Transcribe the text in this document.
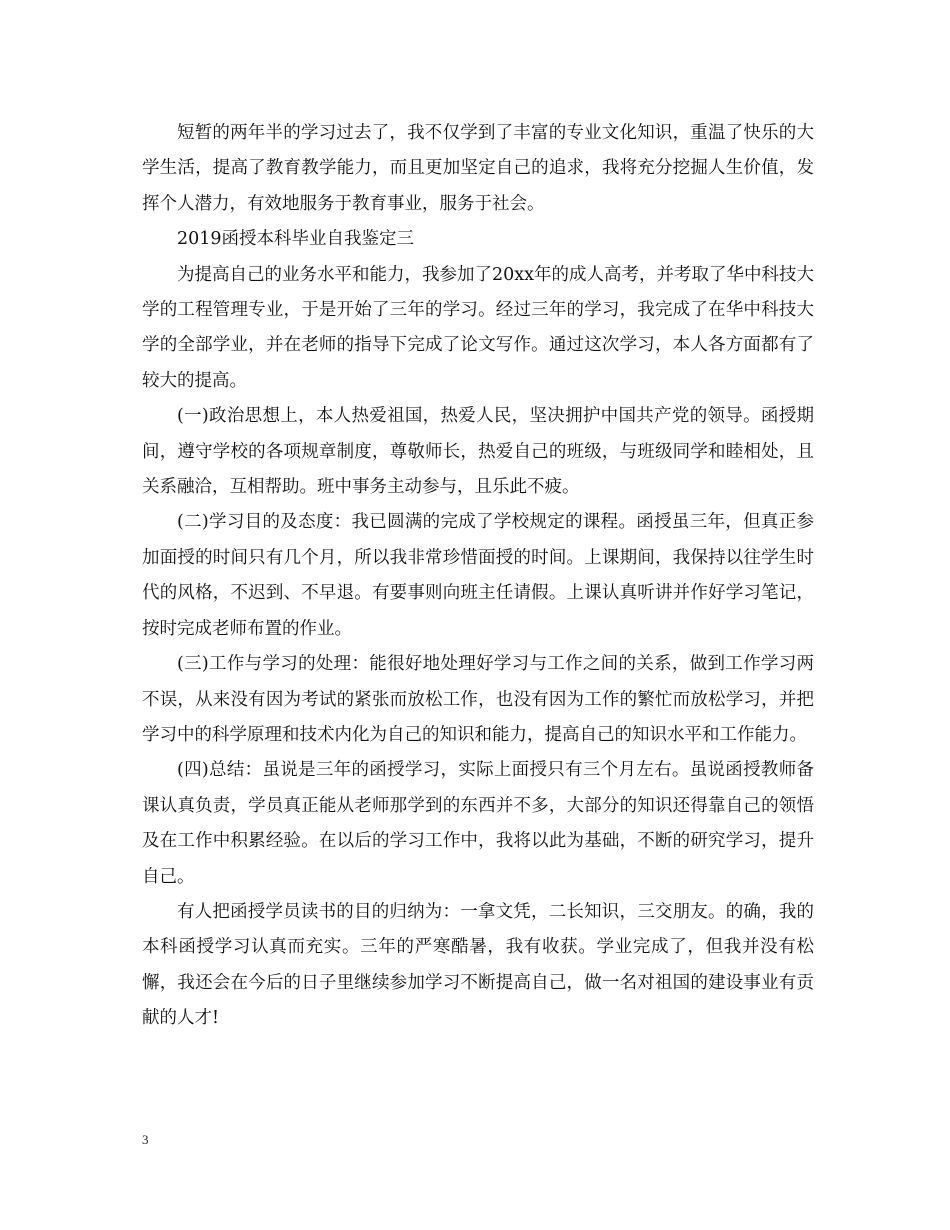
短暂的两年半的学习过去了，我不仅学到了丰富的专业文化知识，重温了快乐的大学生活，提高了教育教学能力，而且更加坚定自己的追求，我将充分挖掘人生价值，发挥个人潜力，有效地服务于教育事业，服务于社会。

2019函授本科毕业自我鉴定三

为提高自己的业务水平和能力，我参加了20xx年的成人高考，并考取了华中科技大学的工程管理专业，于是开始了三年的学习。经过三年的学习，我完成了在华中科技大学的全部学业，并在老师的指导下完成了论文写作。通过这次学习，本人各方面都有了较大的提高。

(一)政治思想上，本人热爱祖国，热爱人民，坚决拥护中国共产党的领导。函授期间，遵守学校的各项规章制度，尊敬师长，热爱自己的班级，与班级同学和睦相处，且关系融洽，互相帮助。班中事务主动参与，且乐此不疲。

(二)学习目的及态度：我已圆满的完成了学校规定的课程。函授虽三年，但真正参加面授的时间只有几个月，所以我非常珍惜面授的时间。上课期间，我保持以往学生时代的风格，不迟到、不早退。有要事则向班主任请假。上课认真听讲并作好学习笔记，按时完成老师布置的作业。

(三)工作与学习的处理：能很好地处理好学习与工作之间的关系，做到工作学习两不误，从来没有因为考试的紧张而放松工作，也没有因为工作的繁忙而放松学习，并把学习中的科学原理和技术内化为自己的知识和能力，提高自己的知识水平和工作能力。

(四)总结：虽说是三年的函授学习，实际上面授只有三个月左右。虽说函授教师备课认真负责，学员真正能从老师那学到的东西并不多，大部分的知识还得靠自己的领悟及在工作中积累经验。在以后的学习工作中，我将以此为基础，不断的研究学习，提升自己。

有人把函授学员读书的目的归纳为：一拿文凭，二长知识，三交朋友。的确，我的本科函授学习认真而充实。三年的严寒酷暑，我有收获。学业完成了，但我并没有松懈，我还会在今后的日子里继续参加学习不断提高自己，做一名对祖国的建设事业有贡献的人才!

3
